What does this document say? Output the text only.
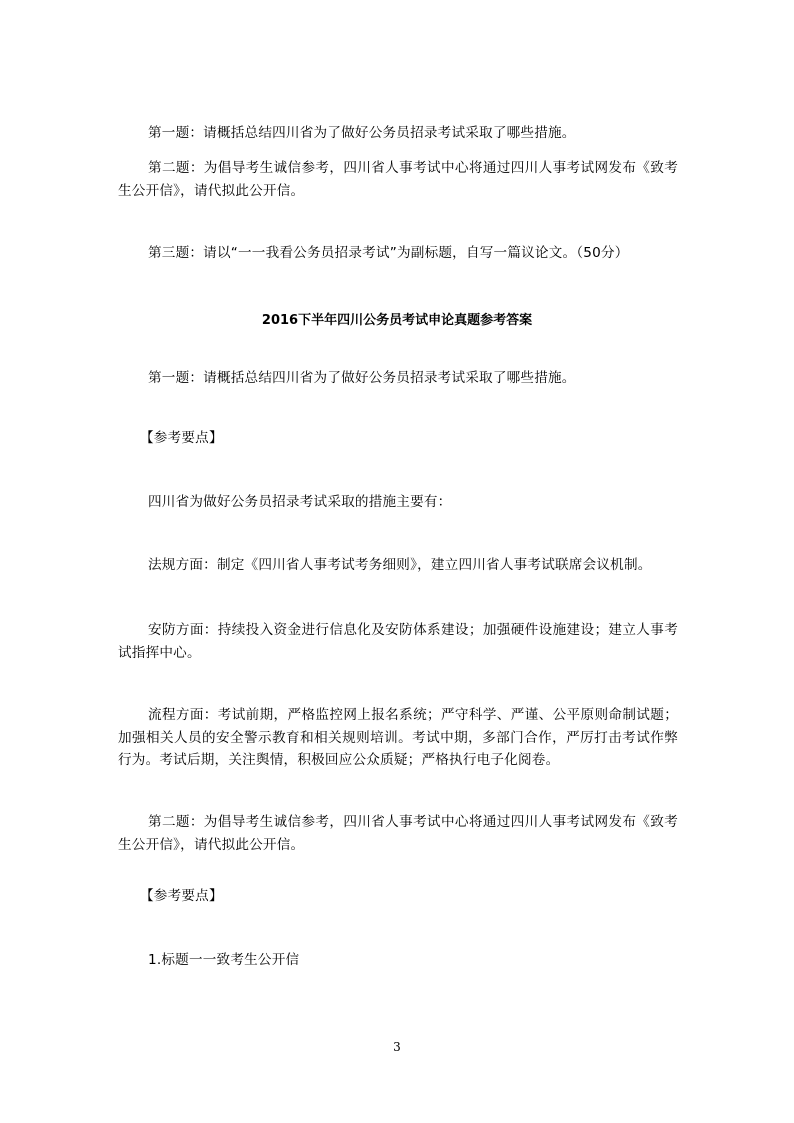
第一题：请概括总结四川省为了做好公务员招录考试采取了哪些措施。
第二题：为倡导考生诚信参考，四川省人事考试中心将通过四川人事考试网发布《致考生公开信》，请代拟此公开信。
第三题：请以“一一我看公务员招录考试”为副标题，自写一篇议论文。（50分）
2016下半年四川公务员考试申论真题参考答案
第一题：请概括总结四川省为了做好公务员招录考试采取了哪些措施。
【参考要点】
四川省为做好公务员招录考试采取的措施主要有：
法规方面：制定《四川省人事考试考务细则》，建立四川省人事考试联席会议机制。
安防方面：持续投入资金进行信息化及安防体系建设；加强硬件设施建设；建立人事考试指挥中心。
流程方面：考试前期，严格监控网上报名系统；严守科学、严谨、公平原则命制试题；加强相关人员的安全警示教育和相关规则培训。考试中期，多部门合作，严厉打击考试作弊行为。考试后期，关注舆情，积极回应公众质疑；严格执行电子化阅卷。
第二题：为倡导考生诚信参考，四川省人事考试中心将通过四川人事考试网发布《致考生公开信》，请代拟此公开信。
【参考要点】
1.标题一一致考生公开信
3
